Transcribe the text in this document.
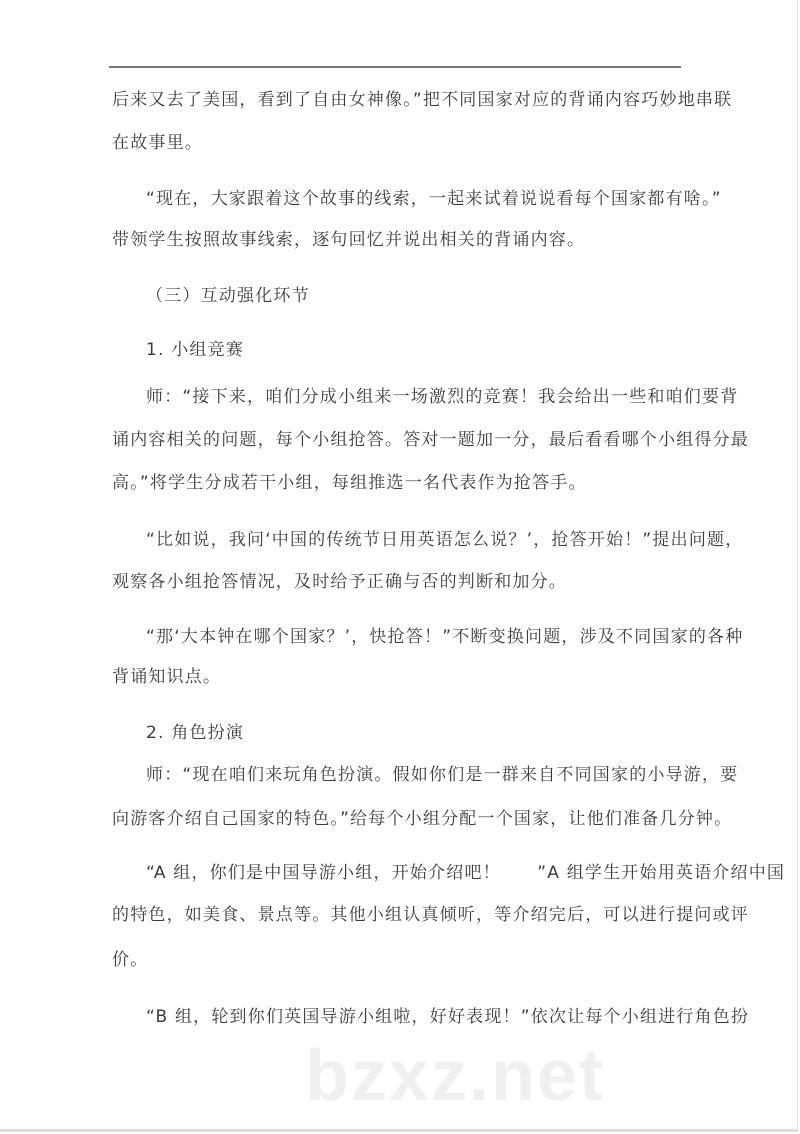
bzxz.net
后来又去了美国，看到了自由女神像。”把不同国家对应的背诵内容巧妙地串联
在故事里。
“现在，大家跟着这个故事的线索，一起来试着说说看每个国家都有啥。”
带领学生按照故事线索，逐句回忆并说出相关的背诵内容。
（三）互动强化环节
1. 小组竞赛
师：“接下来，咱们分成小组来一场激烈的竞赛！我会给出一些和咱们要背
诵内容相关的问题，每个小组抢答。答对一题加一分，最后看看哪个小组得分最
高。”将学生分成若干小组，每组推选一名代表作为抢答手。
“比如说，我问‘中国的传统节日用英语怎么说？’，抢答开始！”提出问题，
观察各小组抢答情况，及时给予正确与否的判断和加分。
“那‘大本钟在哪个国家？’，快抢答！”不断变换问题，涉及不同国家的各种
背诵知识点。
2. 角色扮演
师：“现在咱们来玩角色扮演。假如你们是一群来自不同国家的小导游，要
向游客介绍自己国家的特色。”给每个小组分配一个国家，让他们准备几分钟。
“A 组，你们是中国导游小组，开始介绍吧！　　”A 组学生开始用英语介绍中国
的特色，如美食、景点等。其他小组认真倾听，等介绍完后，可以进行提问或评
价。
“B 组，轮到你们英国导游小组啦，好好表现！”依次让每个小组进行角色扮
